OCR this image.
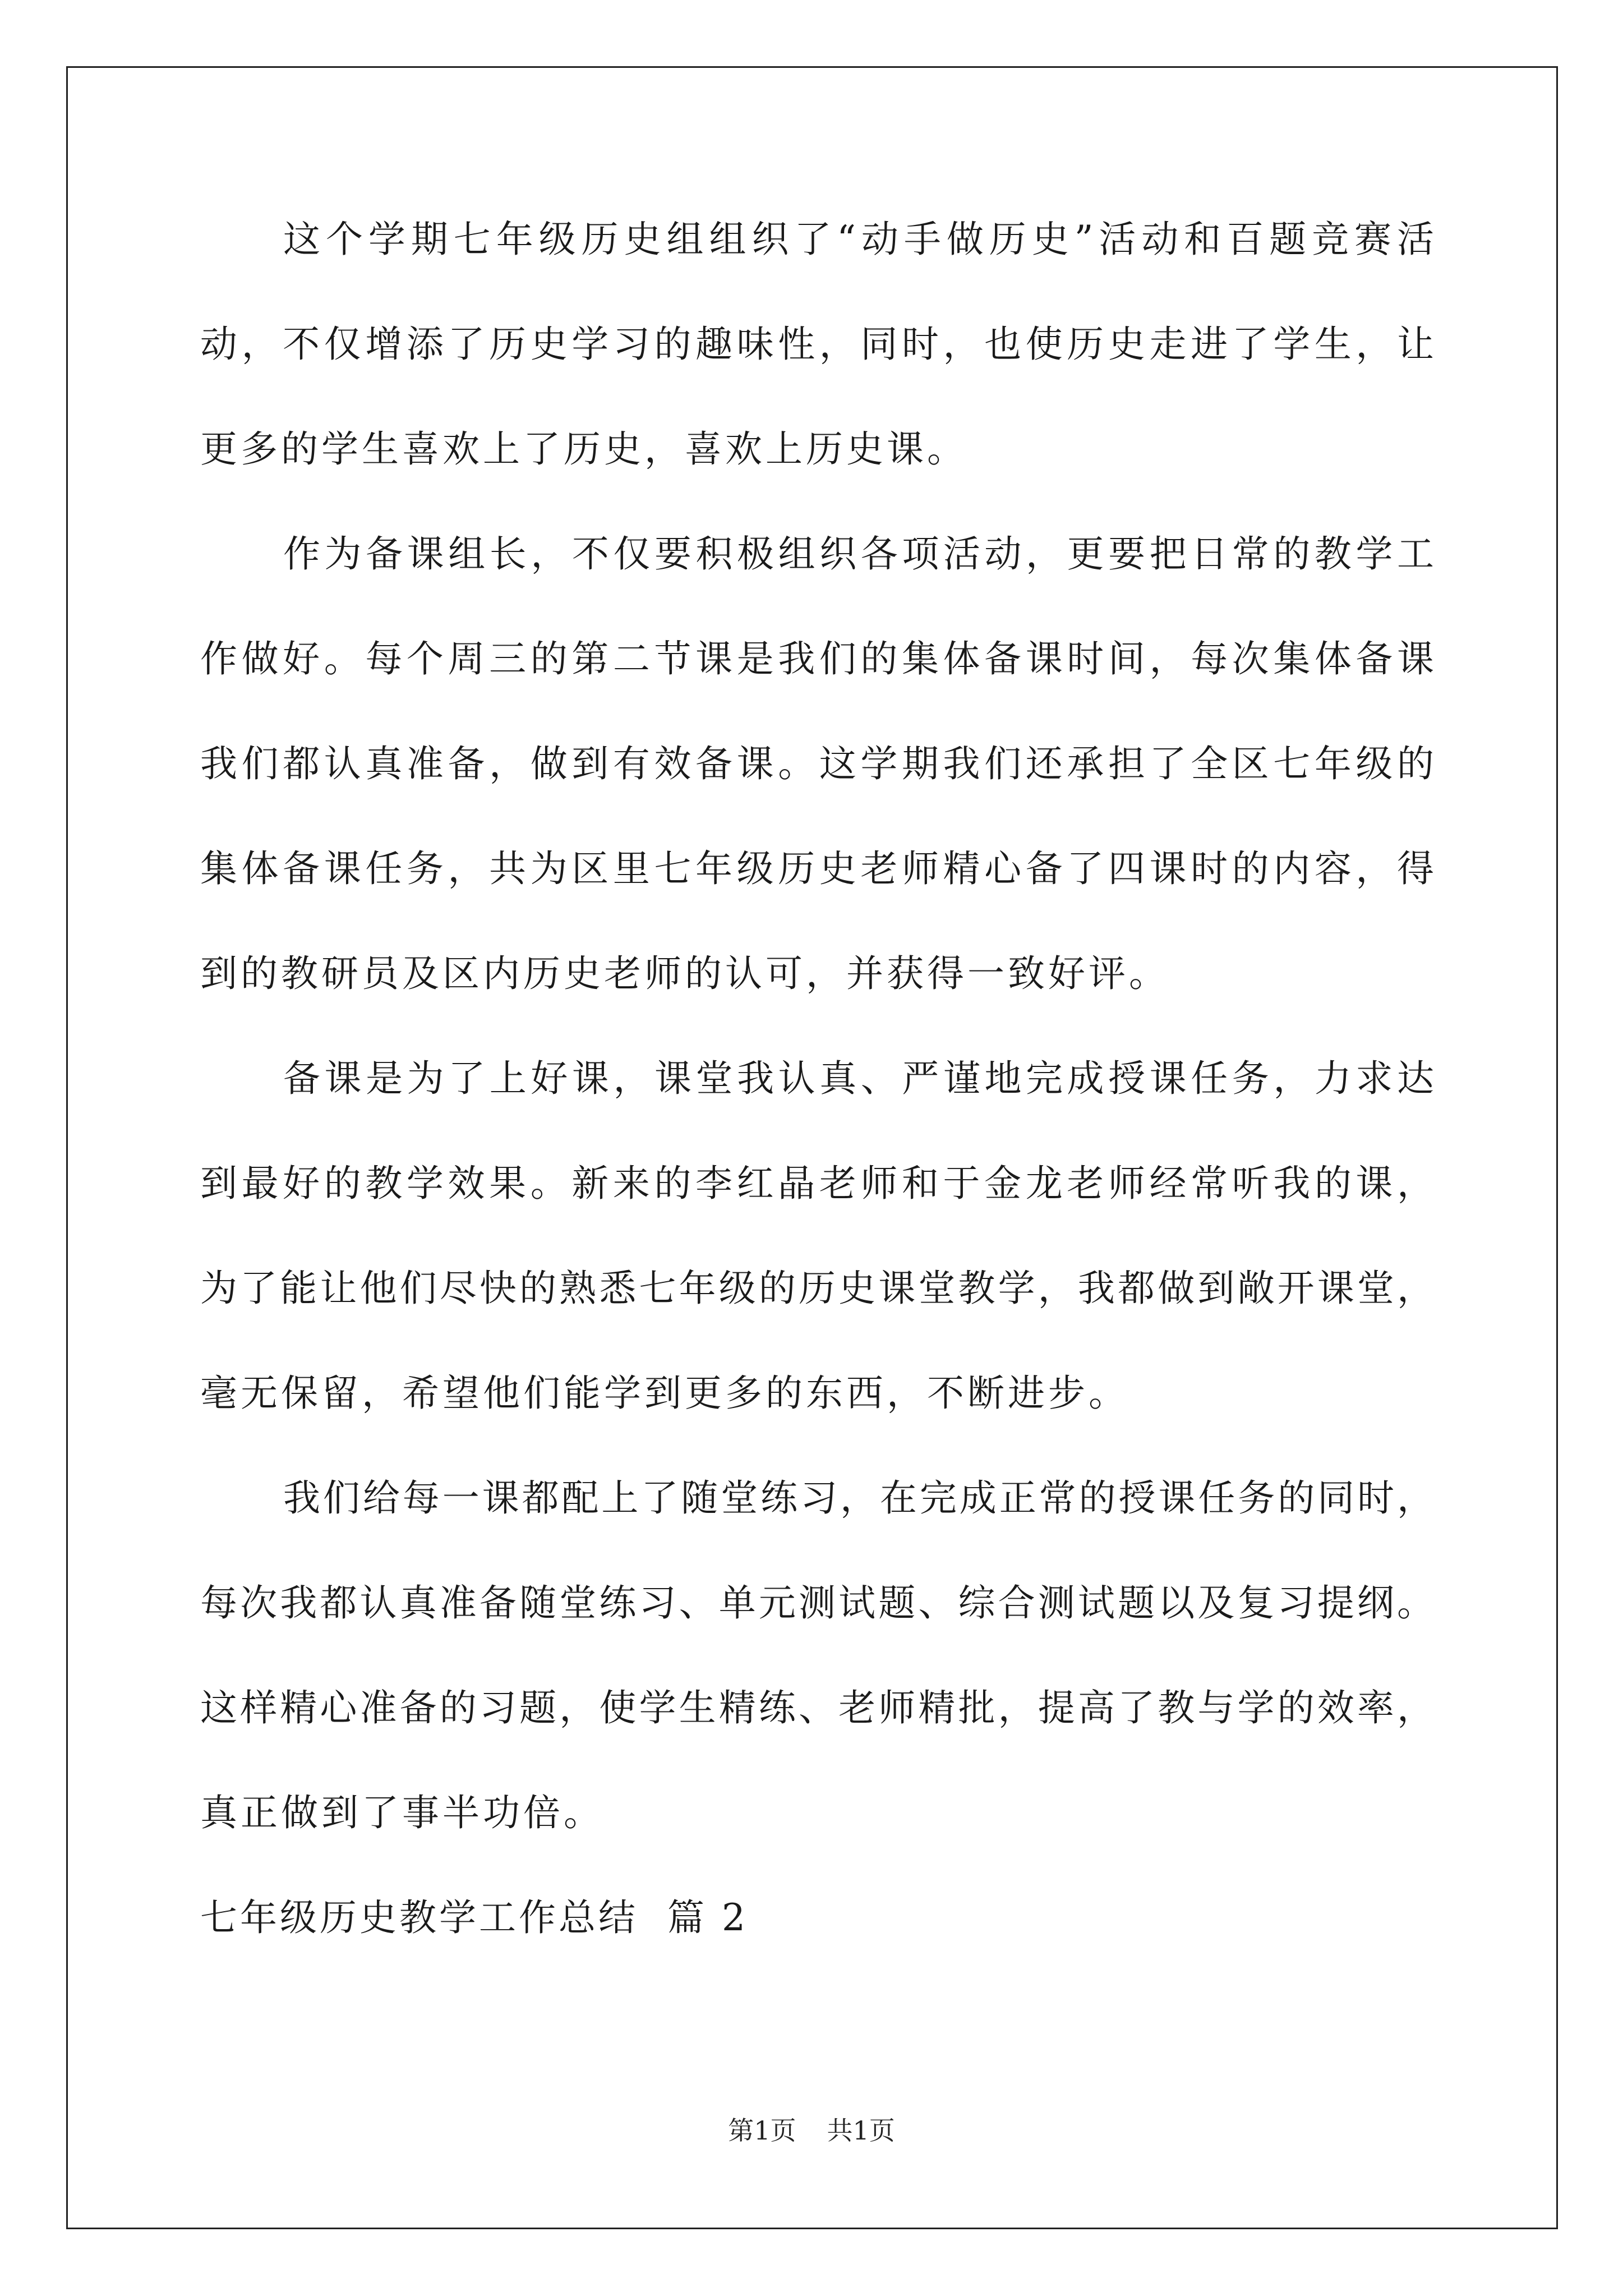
这个学期七年级历史组组织了“动手做历史”活动和百题竞赛活
动，不仅增添了历史学习的趣味性，同时，也使历史走进了学生，让
更多的学生喜欢上了历史，喜欢上历史课。
作为备课组长，不仅要积极组织各项活动，更要把日常的教学工
作做好。每个周三的第二节课是我们的集体备课时间，每次集体备课
我们都认真准备，做到有效备课。这学期我们还承担了全区七年级的
集体备课任务，共为区里七年级历史老师精心备了四课时的内容，得
到的教研员及区内历史老师的认可，并获得一致好评。
备课是为了上好课，课堂我认真、严谨地完成授课任务，力求达
到最好的教学效果。新来的李红晶老师和于金龙老师经常听我的课，
为了能让他们尽快的熟悉七年级的历史课堂教学，我都做到敞开课堂，
毫无保留，希望他们能学到更多的东西，不断进步。
我们给每一课都配上了随堂练习，在完成正常的授课任务的同时，
每次我都认真准备随堂练习、单元测试题、综合测试题以及复习提纲。
这样精心准备的习题，使学生精练、老师精批，提高了教与学的效率，
真正做到了事半功倍。
七年级历史教学工作总结  篇 2
第1页 共1页
